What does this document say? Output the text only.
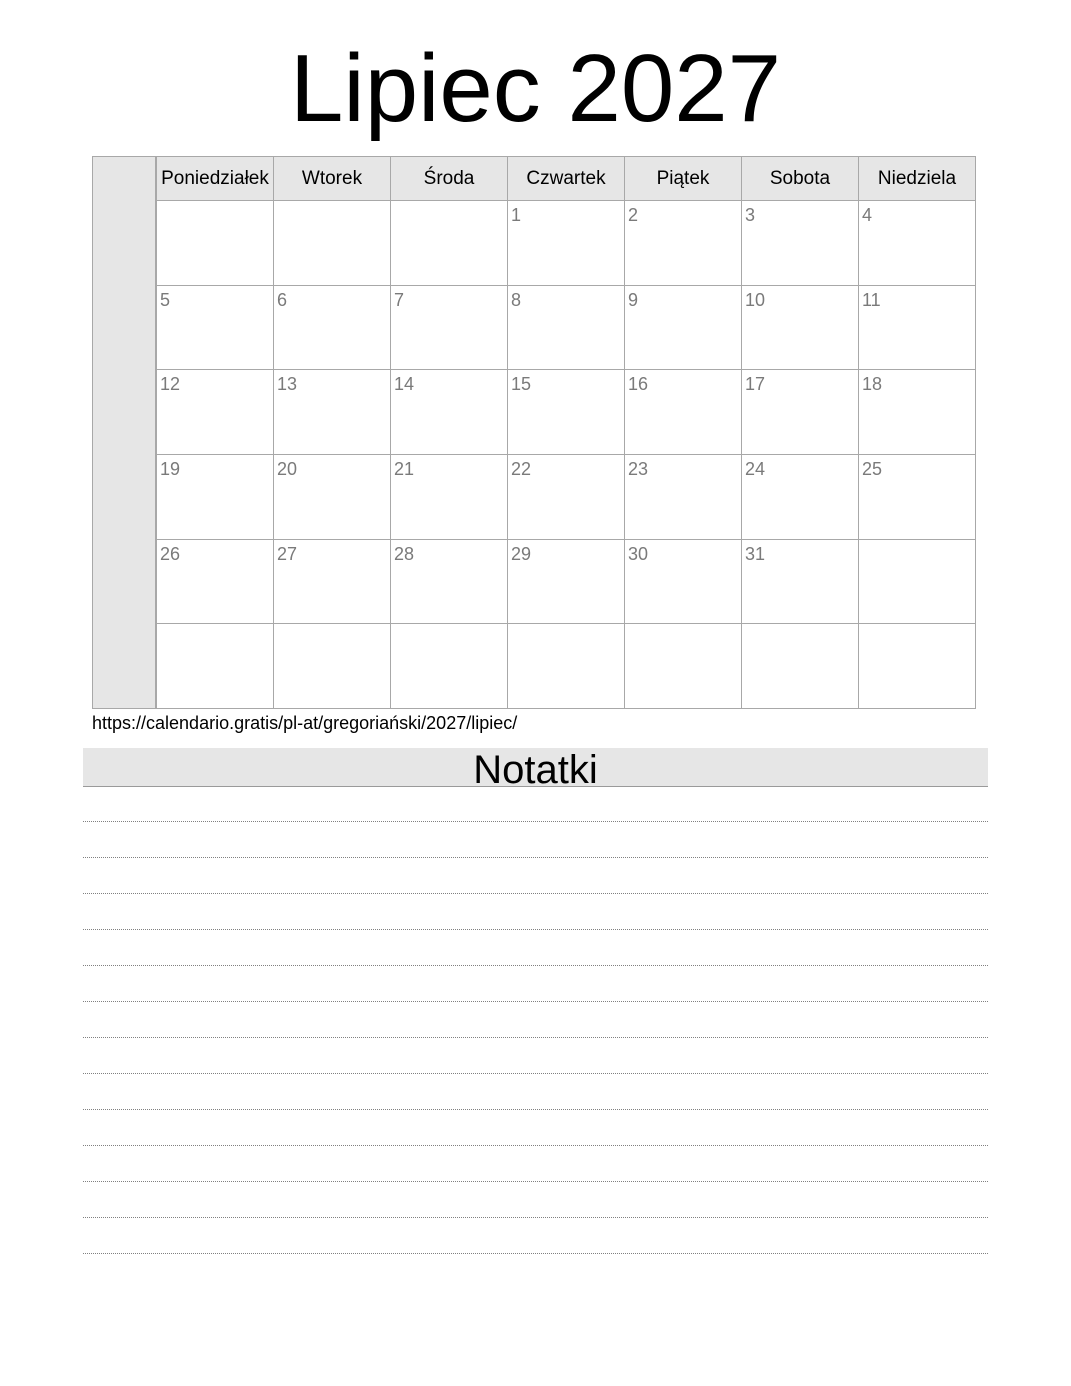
Lipiec 2027
Poniedziałek	Wtorek	Środa	Czwartek	Piątek	Sobota	Niedziela
			1	2	3	4
5	6	7	8	9	10	11
12	13	14	15	16	17	18
19	20	21	22	23	24	25
26	27	28	29	30	31	

https://calendario.gratis/pl-at/gregoriański/2027/lipiec/
Notatki
